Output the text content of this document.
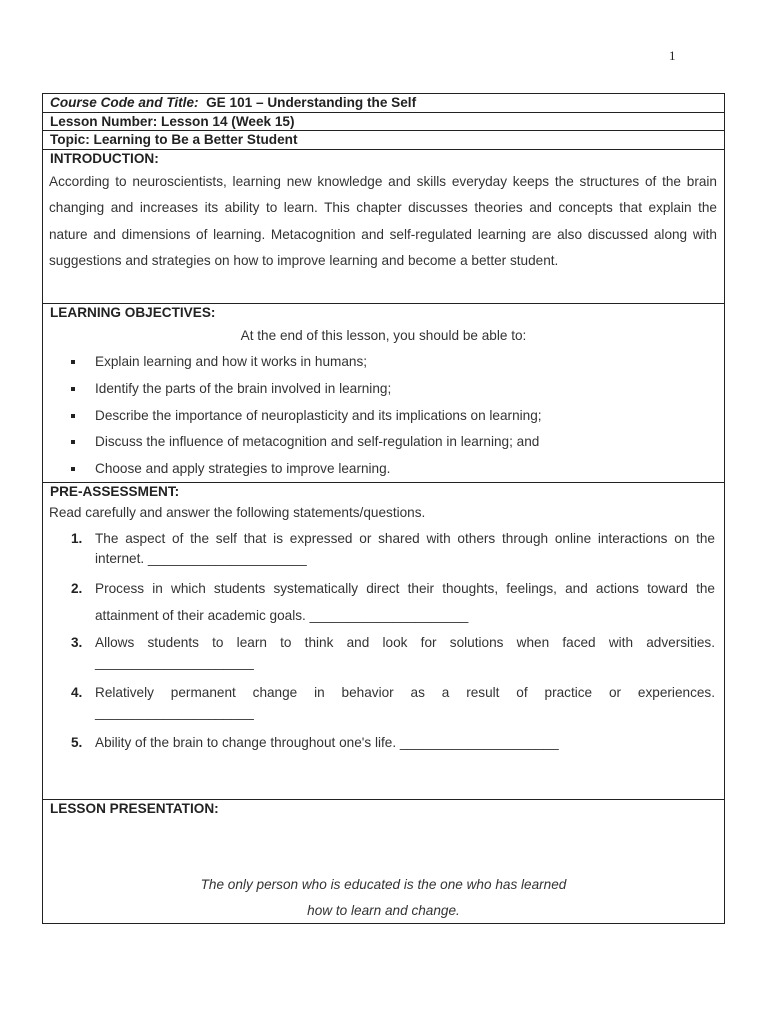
1
Course Code and Title: GE 101 – Understanding the Self
Lesson Number: Lesson 14 (Week 15)
Topic: Learning to Be a Better Student
INTRODUCTION:
According to neuroscientists, learning new knowledge and skills everyday keeps the structures of the brain changing and increases its ability to learn. This chapter discusses theories and concepts that explain the nature and dimensions of learning. Metacognition and self-regulated learning are also discussed along with suggestions and strategies on how to improve learning and become a better student.
LEARNING OBJECTIVES:
At the end of this lesson, you should be able to:
Explain learning and how it works in humans;
Identify the parts of the brain involved in learning;
Describe the importance of neuroplasticity and its implications on learning;
Discuss the influence of metacognition and self-regulation in learning; and
Choose and apply strategies to improve learning.
PRE-ASSESSMENT:
Read carefully and answer the following statements/questions.
1. The aspect of the self that is expressed or shared with others through online interactions on the internet. _____________________
2. Process in which students systematically direct their thoughts, feelings, and actions toward the attainment of their academic goals. _____________________
3. Allows students to learn to think and look for solutions when faced with adversities. _____________________
4. Relatively permanent change in behavior as a result of practice or experiences. _____________________
5. Ability of the brain to change throughout one's life. _____________________
LESSON PRESENTATION:
The only person who is educated is the one who has learned
how to learn and change.
